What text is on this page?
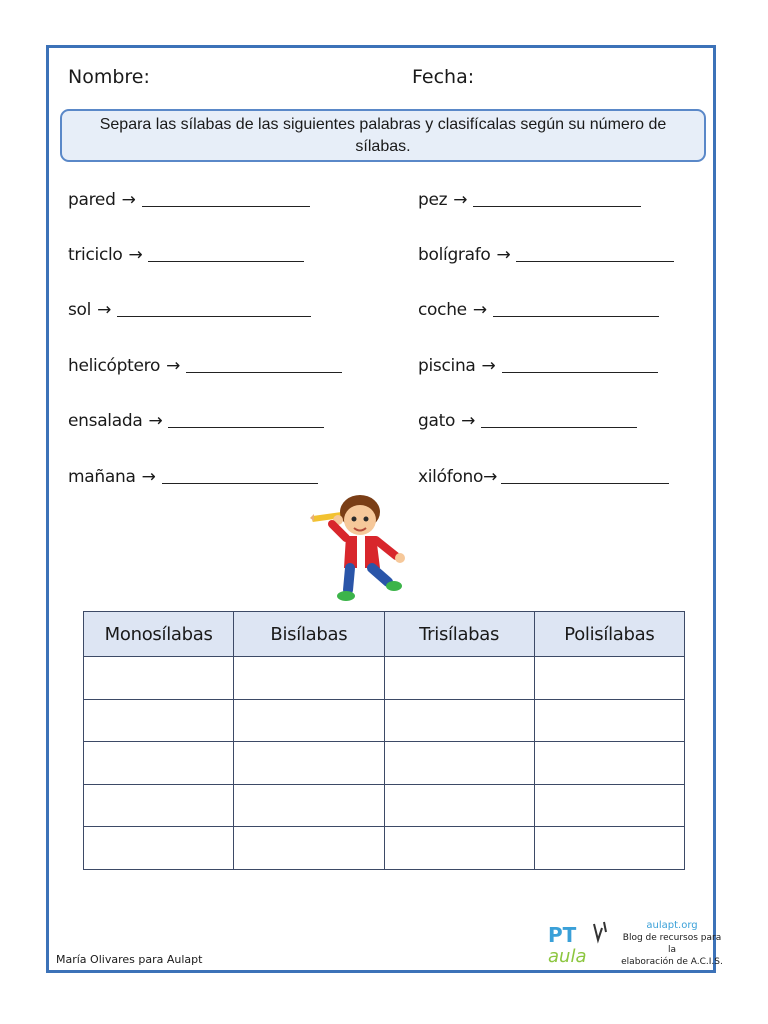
Nombre:	Fecha:
Separa las sílabas de las siguientes palabras y clasifícalas según su número de sílabas.
pared →
triciclo →
sol →
helicóptero →
ensalada →
mañana →
pez →
bolígrafo →
coche →
piscina →
gato →
xilófono→
Monosílabas	Bisílabas	Trisílabas	Polisílabas

María Olivares para Aulapt
PT
aula
aulapt.org
Blog de recursos para la
elaboración de A.C.I.S.
